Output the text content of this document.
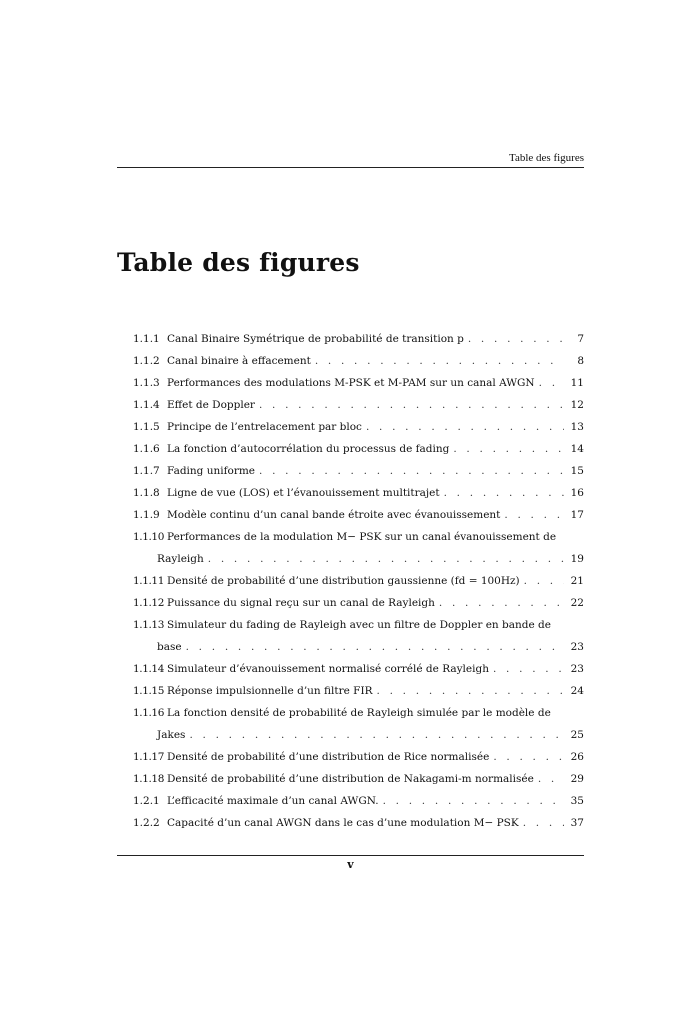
Table des figures
Table des figures
1.1.1 Canal Binaire Symétrique de probabilité de transition p . . .	7
1.1.2 Canal binaire à effacement . . .	8
1.1.3 Performances des modulations M-PSK et M-PAM sur un canal AWGN . . .	11
1.1.4 Effet de Doppler . . .	12
1.1.5 Principe de l’entrelacement par bloc . . .	13
1.1.6 La fonction d’autocorrélation du processus de fading . . .	14
1.1.7 Fading uniforme . . .	15
1.1.8 Ligne de vue (LOS) et l’évanouissement multitrajet . . .	16
1.1.9 Modèle continu d’un canal bande étroite avec évanouissement . . .	17
1.1.10 Performances de la modulation M− PSK sur un canal évanouissement de
Rayleigh . . .	19
1.1.11 Densité de probabilité d’une distribution gaussienne (fd = 100Hz) . . .	21
1.1.12 Puissance du signal reçu sur un canal de Rayleigh . . .	22
1.1.13 Simulateur du fading de Rayleigh avec un filtre de Doppler en bande de
base . . .	23
1.1.14 Simulateur d’évanouissement normalisé corrélé de Rayleigh . . .	23
1.1.15 Réponse impulsionnelle d’un filtre FIR . . .	24
1.1.16 La fonction densité de probabilité de Rayleigh simulée par le modèle de
Jakes . . .	25
1.1.17 Densité de probabilité d’une distribution de Rice normalisée . . .	26
1.1.18 Densité de probabilité d’une distribution de Nakagami-m normalisée . . .	29
1.2.1 L’efficacité maximale d’un canal AWGN. . . .	35
1.2.2 Capacité d’un canal AWGN dans le cas d’une modulation M− PSK . . .	37
v
